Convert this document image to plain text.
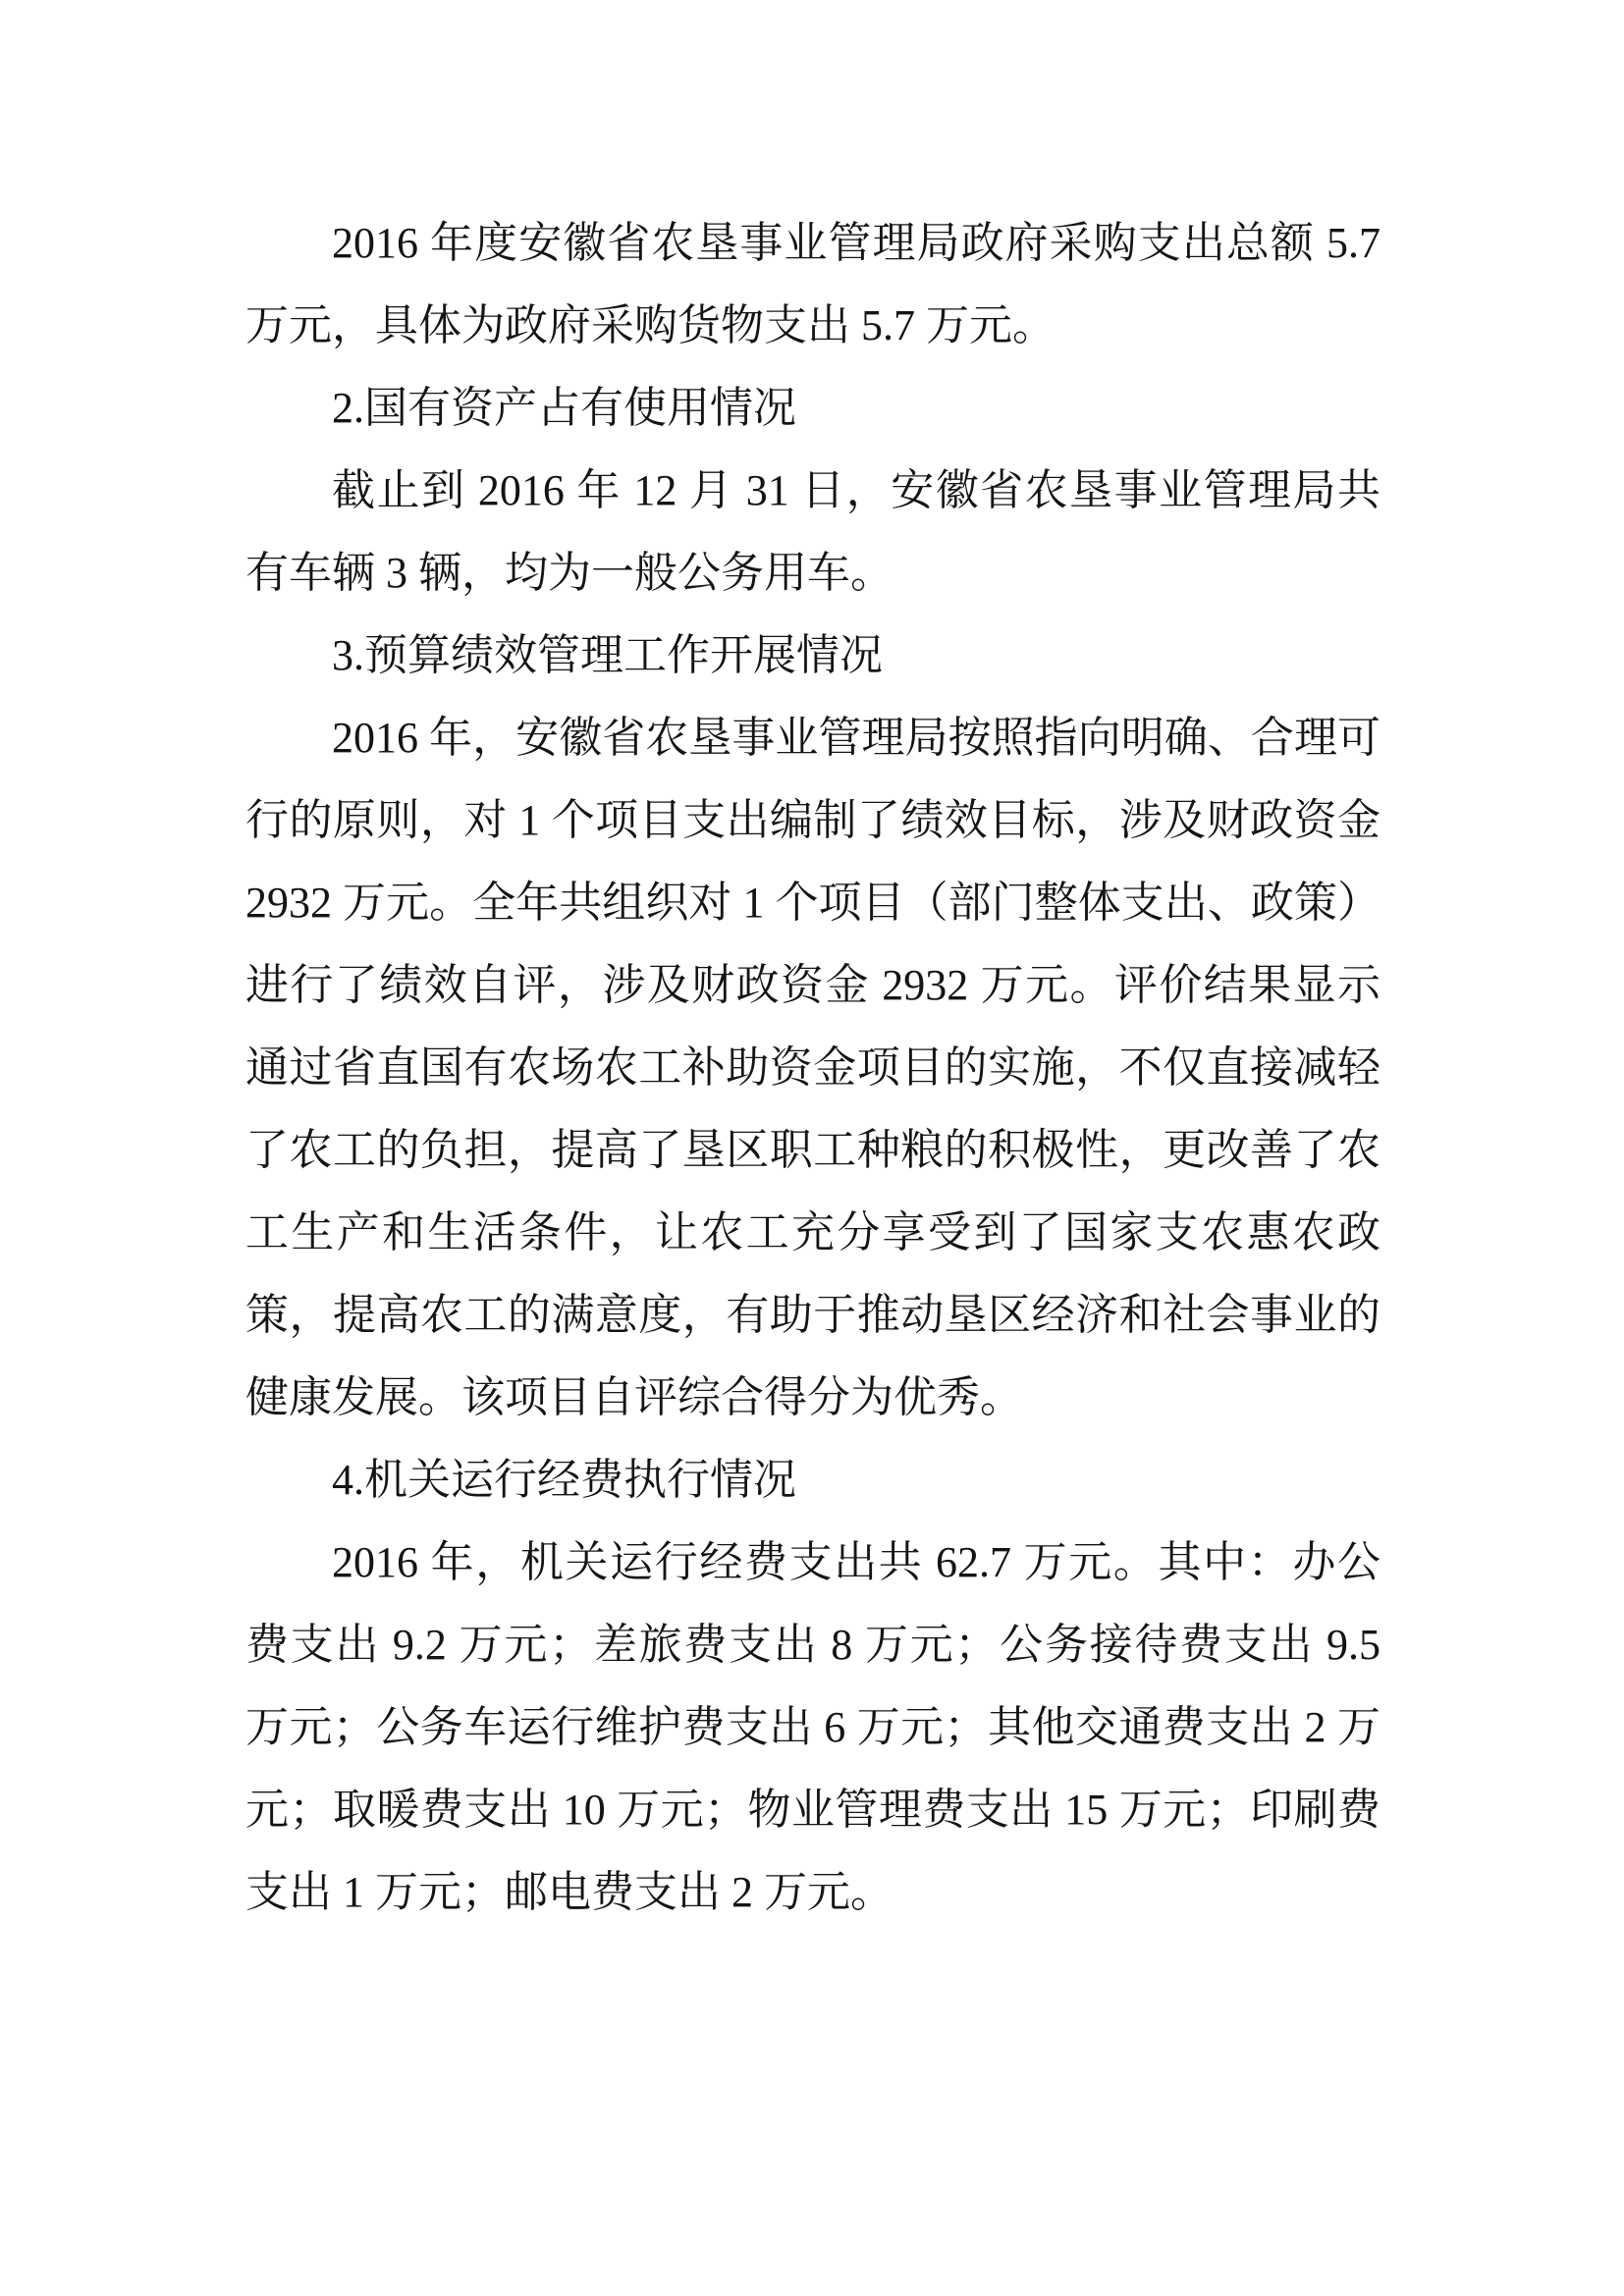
2016 年度安徽省农垦事业管理局政府采购支出总额 5.7 万元，具体为政府采购货物支出 5.7 万元。

2.国有资产占有使用情况

截止到 2016 年 12 月 31 日，安徽省农垦事业管理局共有车辆 3 辆，均为一般公务用车。

3.预算绩效管理工作开展情况

2016 年，安徽省农垦事业管理局按照指向明确、合理可行的原则，对 1 个项目支出编制了绩效目标，涉及财政资金 2932 万元。全年共组织对 1 个项目（部门整体支出、政策）进行了绩效自评，涉及财政资金 2932 万元。评价结果显示通过省直国有农场农工补助资金项目的实施，不仅直接减轻了农工的负担，提高了垦区职工种粮的积极性，更改善了农工生产和生活条件，让农工充分享受到了国家支农惠农政策，提高农工的满意度，有助于推动垦区经济和社会事业的健康发展。该项目自评综合得分为优秀。

4.机关运行经费执行情况

2016 年，机关运行经费支出共 62.7 万元。其中：办公费支出 9.2 万元；差旅费支出 8 万元；公务接待费支出 9.5 万元；公务车运行维护费支出 6 万元；其他交通费支出 2 万元；取暖费支出 10 万元；物业管理费支出 15 万元；印刷费支出 1 万元；邮电费支出 2 万元。
